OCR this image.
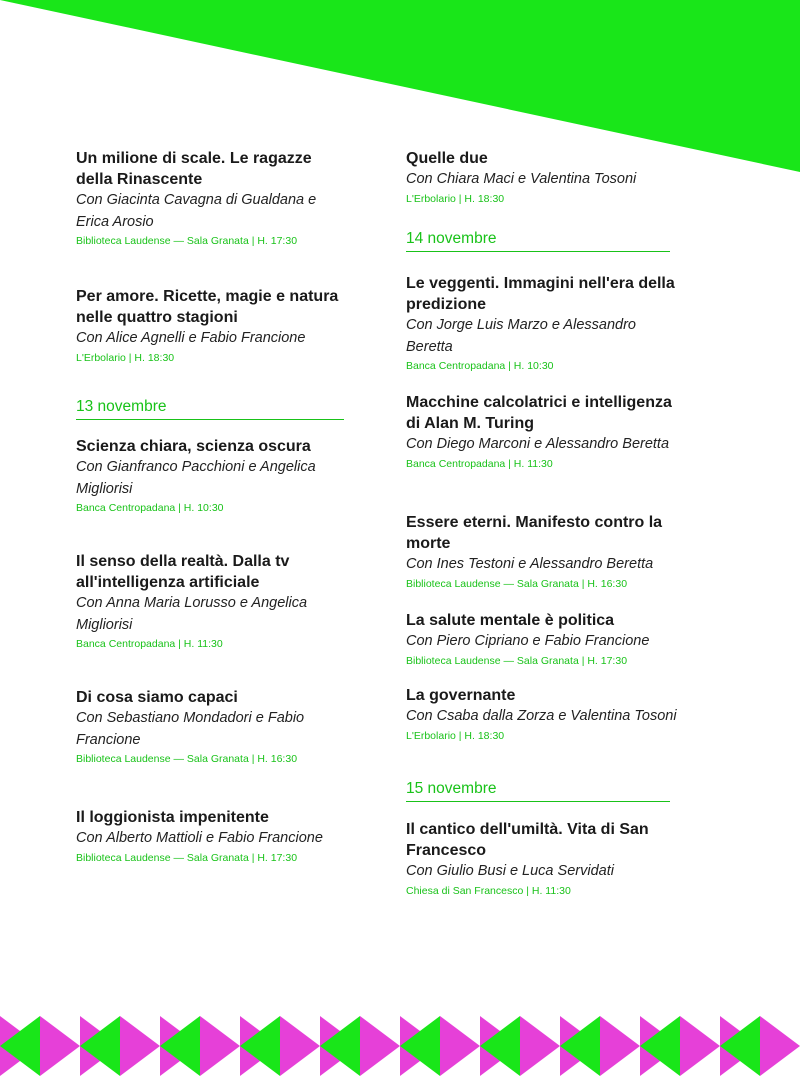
Un milione di scale. Le ragazze della Rinascente
Con Giacinta Cavagna di Gualdana e Erica Arosio
Biblioteca Laudense — Sala Granata | H. 17:30
Per amore. Ricette, magie e natura nelle quattro stagioni
Con Alice Agnelli e Fabio Francione
L'Erbolario | H. 18:30
13 novembre
Scienza chiara, scienza oscura
Con Gianfranco Pacchioni e Angelica Migliorisi
Banca Centropadana | H. 10:30
Il senso della realtà. Dalla tv all'intelligenza artificiale
Con Anna Maria Lorusso e Angelica Migliorisi
Banca Centropadana | H. 11:30
Di cosa siamo capaci
Con Sebastiano Mondadori e Fabio Francione
Biblioteca Laudense — Sala Granata | H. 16:30
Il loggionista impenitente
Con Alberto Mattioli e Fabio Francione
Biblioteca Laudense — Sala Granata | H. 17:30
Quelle due
Con Chiara Maci e Valentina Tosoni
L'Erbolario | H. 18:30
14 novembre
Le veggenti. Immagini nell'era della predizione
Con Jorge Luis Marzo e Alessandro Beretta
Banca Centropadana | H. 10:30
Macchine calcolatrici e intelligenza di Alan M. Turing
Con Diego Marconi e Alessandro Beretta
Banca Centropadana | H. 11:30
Essere eterni. Manifesto contro la morte
Con Ines Testoni e Alessandro Beretta
Biblioteca Laudense — Sala Granata | H. 16:30
La salute mentale è politica
Con Piero Cipriano e Fabio Francione
Biblioteca Laudense — Sala Granata | H. 17:30
La governante
Con Csaba dalla Zorza e Valentina Tosoni
L'Erbolario | H. 18:30
15 novembre
Il cantico dell'umiltà. Vita di San Francesco
Con Giulio Busi e Luca Servidati
Chiesa di San Francesco | H. 11:30
